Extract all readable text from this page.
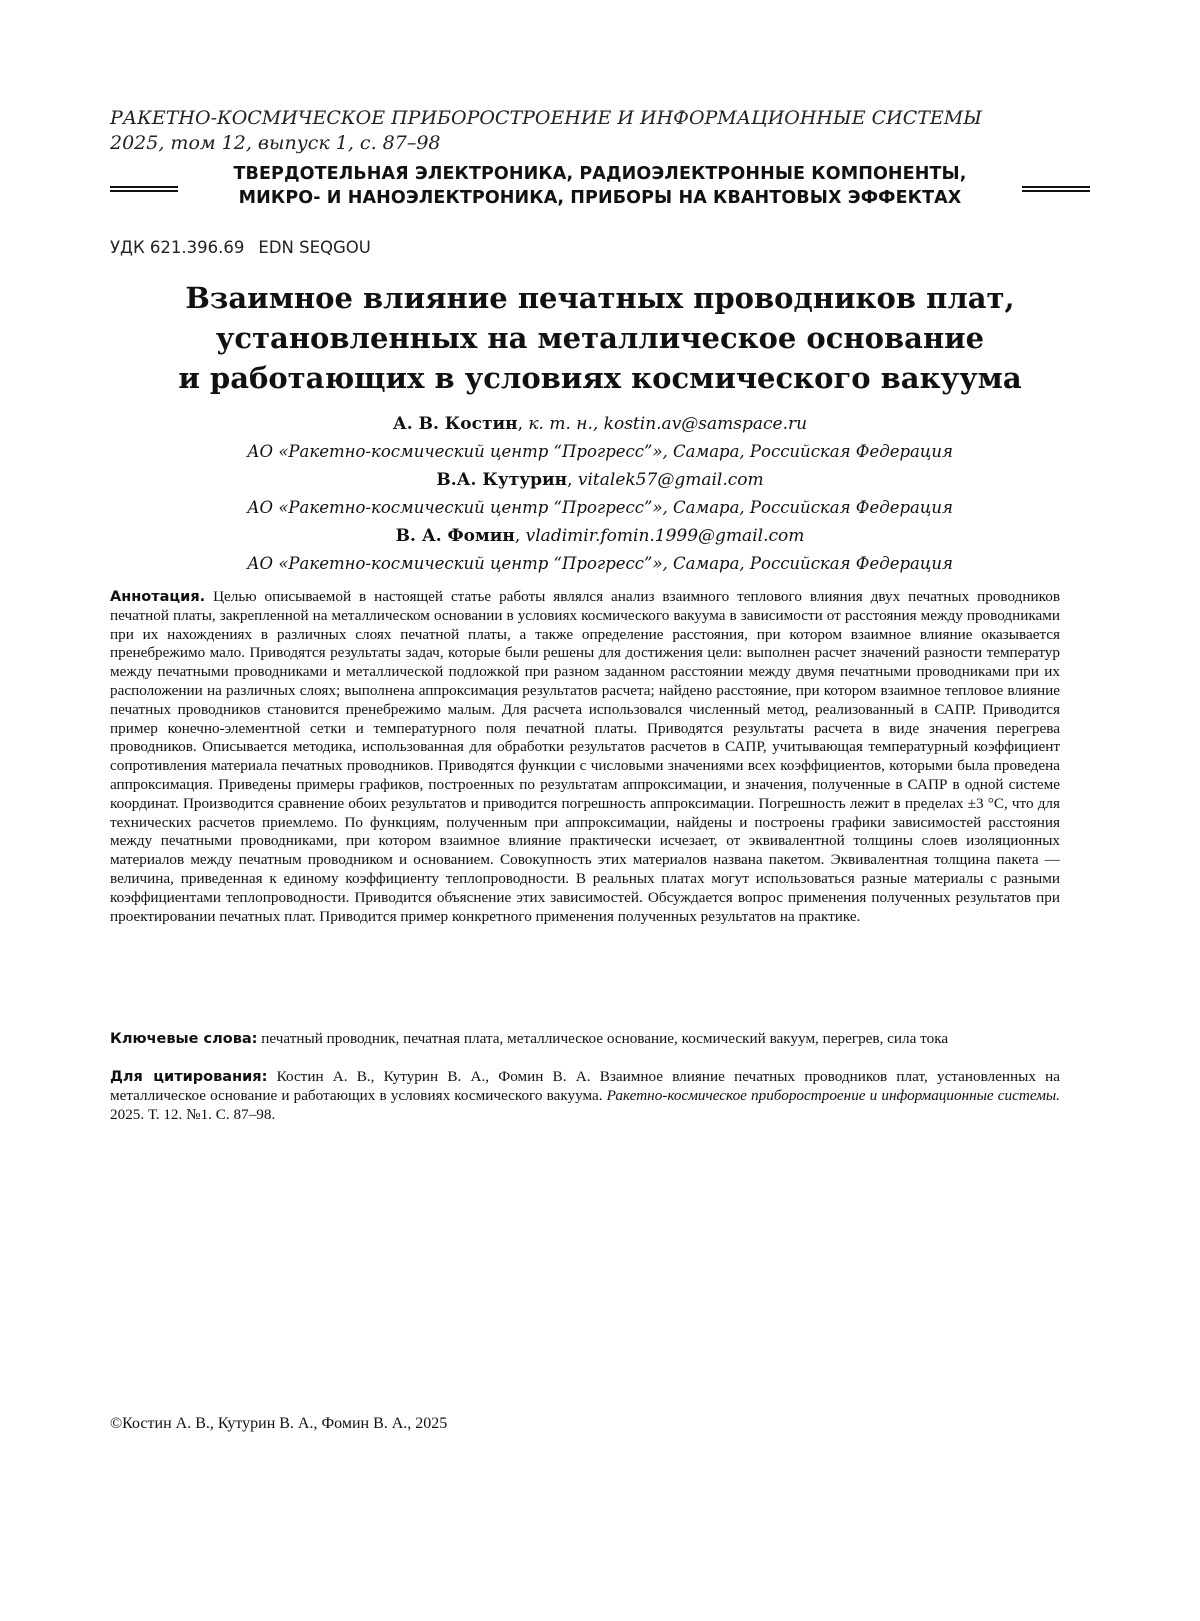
РАКЕТНО-КОСМИЧЕСКОЕ ПРИБОРОСТРОЕНИЕ И ИНФОРМАЦИОННЫЕ СИСТЕМЫ
2025, том 12, выпуск 1, с. 87–98
ТВЕРДОТЕЛЬНАЯ ЭЛЕКТРОНИКА, РАДИОЭЛЕКТРОННЫЕ КОМПОНЕНТЫ,
МИКРО- И НАНОЭЛЕКТРОНИКА, ПРИБОРЫ НА КВАНТОВЫХ ЭФФЕКТАХ
УДК 621.396.69 EDN SEQGOU
Взаимное влияние печатных проводников плат,
установленных на металлическое основание
и работающих в условиях космического вакуума
А. В. Костин, к. т. н., kostin.av@samspace.ru
АО «Ракетно-космический центр “Прогресс”», Самара, Российская Федерация
В.А. Кутурин, vitalek57@gmail.com
АО «Ракетно-космический центр “Прогресс”», Самара, Российская Федерация
В. А. Фомин, vladimir.fomin.1999@gmail.com
АО «Ракетно-космический центр “Прогресс”», Самара, Российская Федерация
Аннотация. Целью описываемой в настоящей статье работы являлся анализ взаимного теплового влияния двух печатных проводников печатной платы, закрепленной на металлическом основании в условиях космического вакуума в зависимости от расстояния между проводниками при их нахождениях в различных слоях печатной платы, а также определение расстояния, при котором взаимное влияние оказывается пренебрежимо мало. Приводятся результаты задач, которые были решены для достижения цели: выполнен расчет значений разности температур между печатными проводниками и металлической подложкой при разном заданном расстоянии между двумя печатными проводниками при их расположении на различных слоях; выполнена аппроксимация результатов расчета; найдено расстояние, при котором взаимное тепловое влияние печатных проводников становится пренебрежимо малым. Для расчета использовался численный метод, реализованный в САПР. Приводится пример конечно-элементной сетки и температурного поля печатной платы. Приводятся результаты расчета в виде значения перегрева проводников. Описывается методика, использованная для обработки результатов расчетов в САПР, учитывающая температурный коэффициент сопротивления материала печатных проводников. Приводятся функции с числовыми значениями всех коэффициентов, которыми была проведена аппроксимация. Приведены примеры графиков, построенных по результатам аппроксимации, и значения, полученные в САПР в одной системе координат. Производится сравнение обоих результатов и приводится погрешность аппроксимации. Погрешность лежит в пределах ±3 °C, что для технических расчетов приемлемо. По функциям, полученным при аппроксимации, найдены и построены графики зависимостей расстояния между печатными проводниками, при котором взаимное влияние практически исчезает, от эквивалентной толщины слоев изоляционных материалов между печатным проводником и основанием. Совокупность этих материалов названа пакетом. Эквивалентная толщина пакета — величина, приведенная к единому коэффициенту теплопроводности. В реальных платах могут использоваться разные материалы с разными коэффициентами теплопроводности. Приводится объяснение этих зависимостей. Обсуждается вопрос применения полученных результатов при проектировании печатных плат. Приводится пример конкретного применения полученных результатов на практике.
Ключевые слова: печатный проводник, печатная плата, металлическое основание, космический вакуум, перегрев, сила тока
Для цитирования: Костин А. В., Кутурин В. А., Фомин В. А. Взаимное влияние печатных проводников плат, установленных на металлическое основание и работающих в условиях космического вакуума. Ракетно-космическое приборостроение и информационные системы. 2025. Т. 12. №1. С. 87–98.
©Костин А. В., Кутурин В. А., Фомин В. А., 2025
